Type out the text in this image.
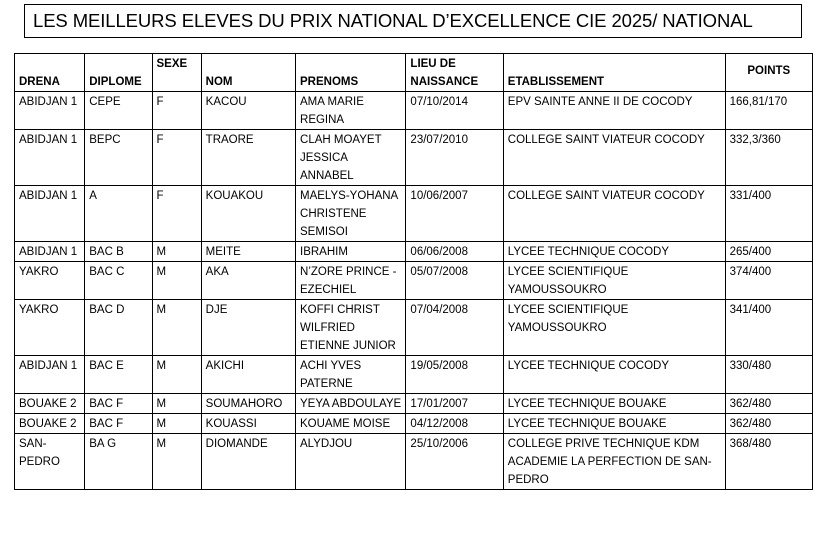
LES MEILLEURS ELEVES DU PRIX NATIONAL D’EXCELLENCE CIE 2025/ NATIONAL
DRENA	DIPLOME	SEXE	NOM	PRENOMS	LIEU DE NAISSANCE	ETABLISSEMENT	POINTS
ABIDJAN 1	CEPE	F	KACOU	AMA MARIE REGINA	07/10/2014	EPV SAINTE ANNE II DE COCODY	166,81/170
ABIDJAN 1	BEPC	F	TRAORE	CLAH MOAYET JESSICA ANNABEL	23/07/2010	COLLEGE SAINT VIATEUR COCODY	332,3/360
ABIDJAN 1	A	F	KOUAKOU	MAELYS-YOHANA CHRISTENE SEMISOI	10/06/2007	COLLEGE SAINT VIATEUR COCODY	331/400
ABIDJAN 1	BAC B	M	MEITE	IBRAHIM	06/06/2008	LYCEE TECHNIQUE COCODY	265/400
YAKRO	BAC C	M	AKA	N’ZORE PRINCE - EZECHIEL	05/07/2008	LYCEE SCIENTIFIQUE YAMOUSSOUKRO	374/400
YAKRO	BAC D	M	DJE	KOFFI CHRIST WILFRIED ETIENNE JUNIOR	07/04/2008	LYCEE SCIENTIFIQUE YAMOUSSOUKRO	341/400
ABIDJAN 1	BAC E	M	AKICHI	ACHI YVES PATERNE	19/05/2008	LYCEE TECHNIQUE COCODY	330/480
BOUAKE 2	BAC F	M	SOUMAHORO	YEYA ABDOULAYE	17/01/2007	LYCEE TECHNIQUE BOUAKE	362/480
BOUAKE 2	BAC F	M	KOUASSI	KOUAME MOISE	04/12/2008	LYCEE TECHNIQUE BOUAKE	362/480
SAN-PEDRO	BA G	M	DIOMANDE	ALYDJOU	25/10/2006	COLLEGE PRIVE TECHNIQUE KDM ACADEMIE LA PERFECTION DE SAN-PEDRO	368/480
